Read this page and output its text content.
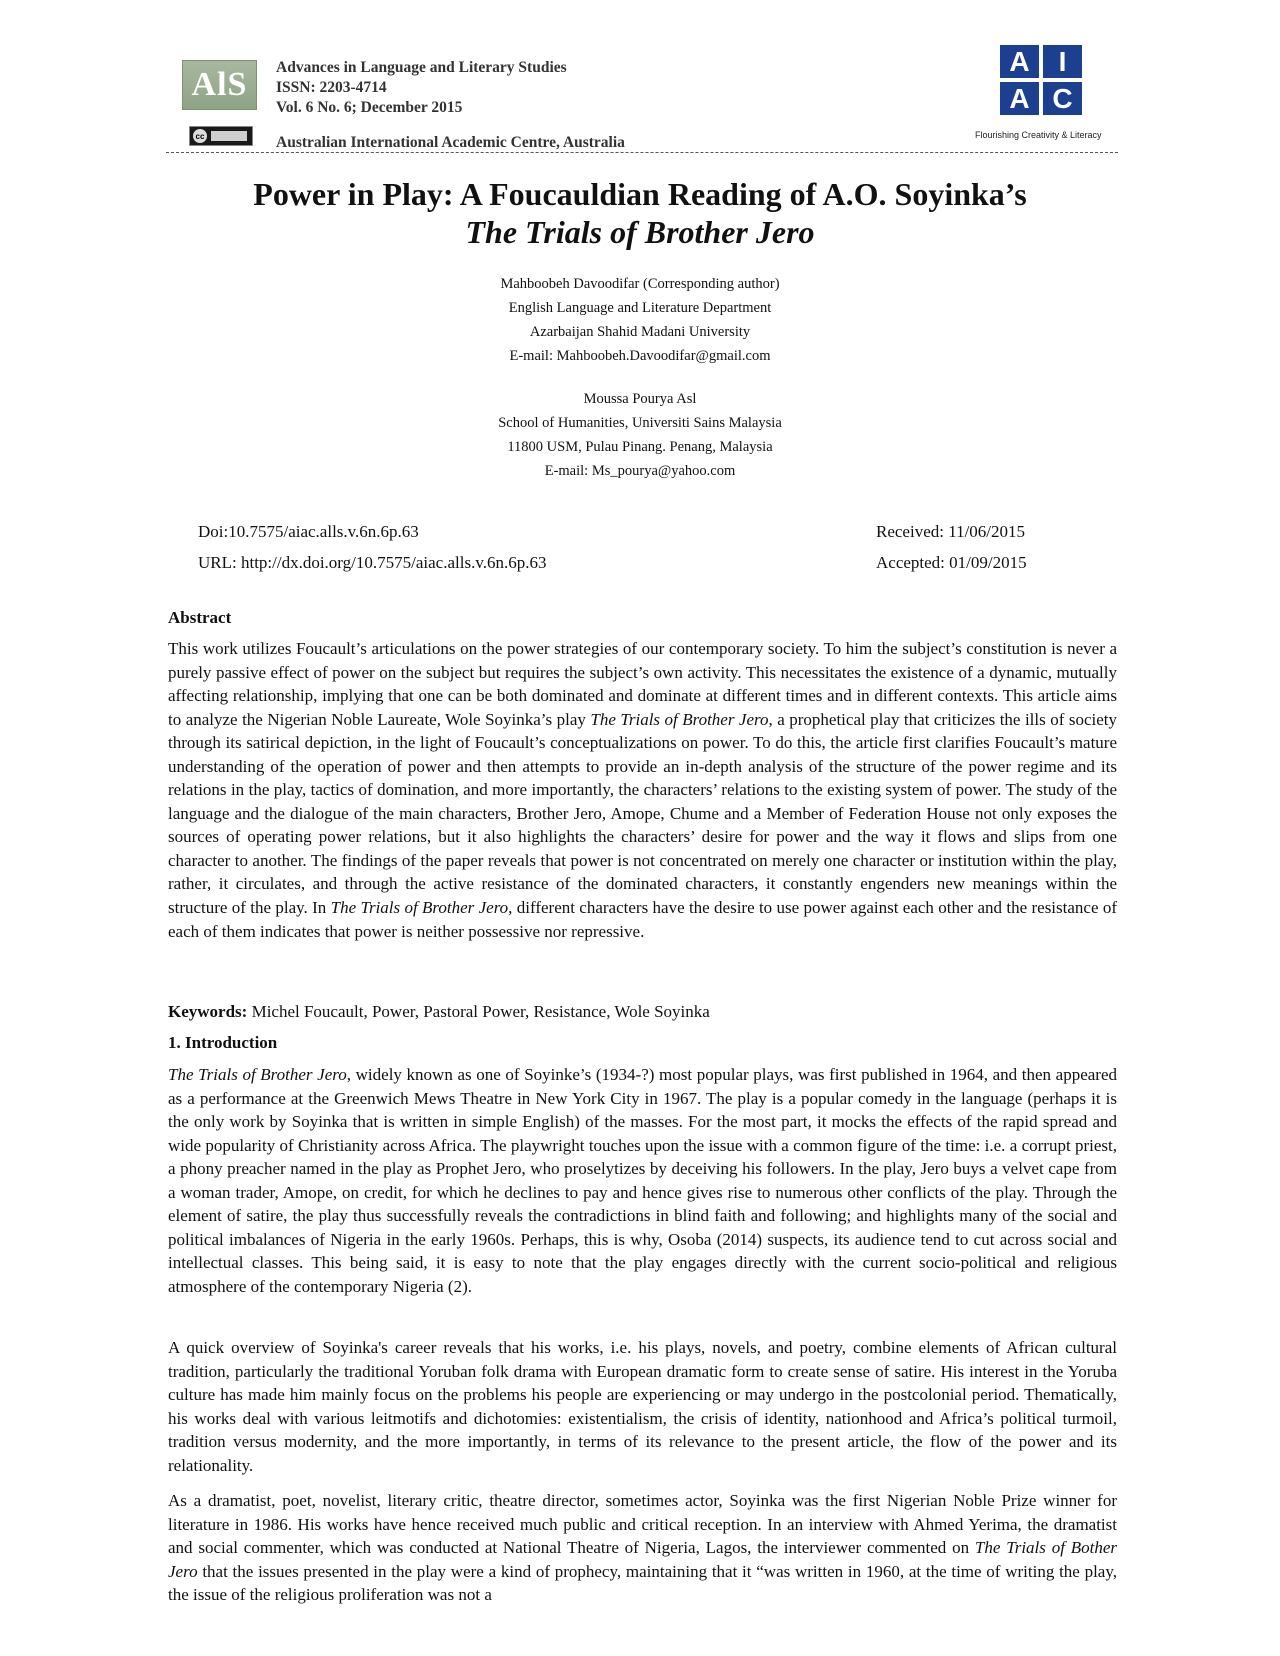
AlS	Advances in Language and Literary Studies
ISSN: 2203-4714
Vol. 6 No. 6; December 2015
cc	Australian International Academic Centre, Australia
A	I
A C
Flourishing Creativity & Literacy
Power in Play: A Foucauldian Reading of A.O. Soyinka’s
The Trials of Brother Jero
Mahboobeh Davoodifar (Corresponding author)
English Language and Literature Department
Azarbaijan Shahid Madani University
E-mail: Mahboobeh.Davoodifar@gmail.com
Moussa Pourya Asl
School of Humanities, Universiti Sains Malaysia
11800 USM, Pulau Pinang. Penang, Malaysia
E-mail: Ms_pourya@yahoo.com
Doi:10.7575/aiac.alls.v.6n.6p.63
URL: http://dx.doi.org/10.7575/aiac.alls.v.6n.6p.63
Received: 11/06/2015
Accepted: 01/09/2015
Abstract

This work utilizes Foucault’s articulations on the power strategies of our contemporary society. To him the subject’s constitution is never a purely passive effect of power on the subject but requires the subject’s own activity. This necessitates the existence of a dynamic, mutually affecting relationship, implying that one can be both dominated and dominate at different times and in different contexts. This article aims to analyze the Nigerian Noble Laureate, Wole Soyinka’s play The Trials of Brother Jero, a prophetical play that criticizes the ills of society through its satirical depiction, in the light of Foucault’s conceptualizations on power. To do this, the article first clarifies Foucault’s mature understanding of the operation of power and then attempts to provide an in-depth analysis of the structure of the power regime and its relations in the play, tactics of domination, and more importantly, the characters’ relations to the existing system of power. The study of the language and the dialogue of the main characters, Brother Jero, Amope, Chume and a Member of Federation House not only exposes the sources of operating power relations, but it also highlights the characters’ desire for power and the way it flows and slips from one character to another. The findings of the paper reveals that power is not concentrated on merely one character or institution within the play, rather, it circulates, and through the active resistance of the dominated characters, it constantly engenders new meanings within the structure of the play. In The Trials of Brother Jero, different characters have the desire to use power against each other and the resistance of each of them indicates that power is neither possessive nor repressive.

Keywords: Michel Foucault, Power, Pastoral Power, Resistance, Wole Soyinka
1. Introduction

The Trials of Brother Jero, widely known as one of Soyinke’s (1934-?) most popular plays, was first published in 1964, and then appeared as a performance at the Greenwich Mews Theatre in New York City in 1967. The play is a popular comedy in the language (perhaps it is the only work by Soyinka that is written in simple English) of the masses. For the most part, it mocks the effects of the rapid spread and wide popularity of Christianity across Africa. The playwright touches upon the issue with a common figure of the time: i.e. a corrupt priest, a phony preacher named in the play as Prophet Jero, who proselytizes by deceiving his followers. In the play, Jero buys a velvet cape from a woman trader, Amope, on credit, for which he declines to pay and hence gives rise to numerous other conflicts of the play. Through the element of satire, the play thus successfully reveals the contradictions in blind faith and following; and highlights many of the social and political imbalances of Nigeria in the early 1960s. Perhaps, this is why, Osoba (2014) suspects, its audience tend to cut across social and intellectual classes. This being said, it is easy to note that the play engages directly with the current socio-political and religious atmosphere of the contemporary Nigeria (2).

A quick overview of Soyinka's career reveals that his works, i.e. his plays, novels, and poetry, combine elements of African cultural tradition, particularly the traditional Yoruban folk drama with European dramatic form to create sense of satire. His interest in the Yoruba culture has made him mainly focus on the problems his people are experiencing or may undergo in the postcolonial period. Thematically, his works deal with various leitmotifs and dichotomies: existentialism, the crisis of identity, nationhood and Africa’s political turmoil, tradition versus modernity, and the more importantly, in terms of its relevance to the present article, the flow of the power and its relationality.

As a dramatist, poet, novelist, literary critic, theatre director, sometimes actor, Soyinka was the first Nigerian Noble Prize winner for literature in 1986. His works have hence received much public and critical reception. In an interview with Ahmed Yerima, the dramatist and social commenter, which was conducted at National Theatre of Nigeria, Lagos, the interviewer commented on The Trials of Bother Jero that the issues presented in the play were a kind of prophecy, maintaining that it “was written in 1960, at the time of writing the play, the issue of the religious proliferation was not a
